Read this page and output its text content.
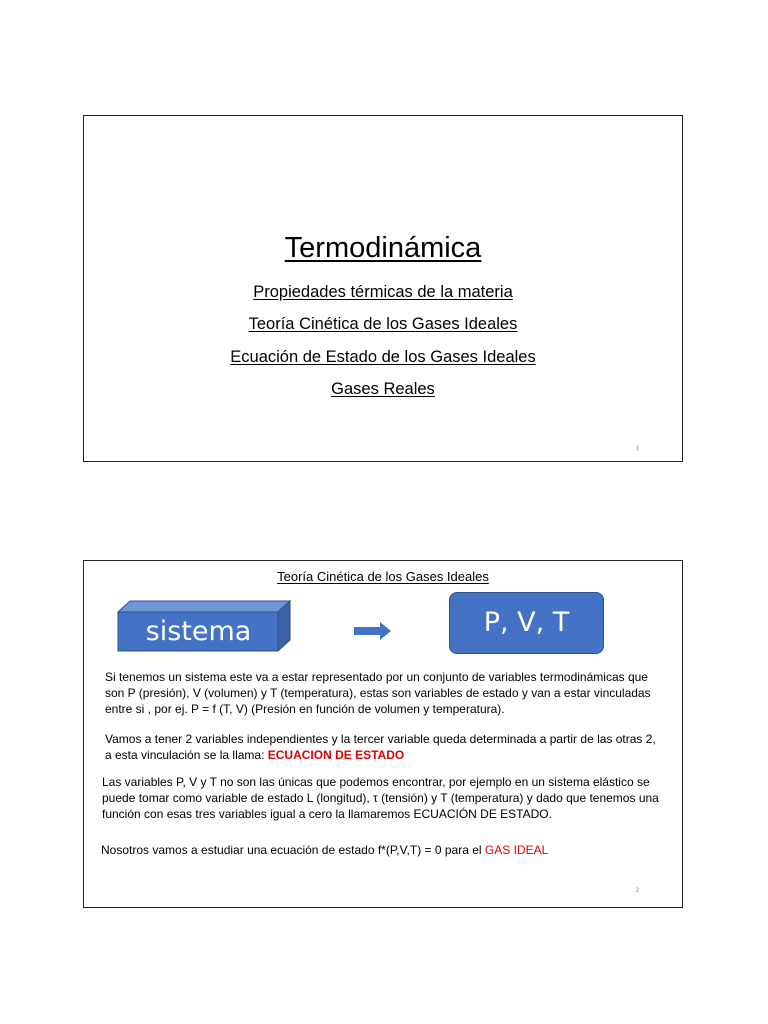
Termodinámica
Propiedades térmicas de la materia
Teoría Cinética de los Gases Ideales
Ecuación de Estado de los Gases Ideales
Gases Reales
1
Teoría Cinética de los Gases Ideales
sistema	P, V, T

Si tenemos un sistema este va a estar representado por un conjunto de variables termodinámicas que son P (presión), V (volumen) y T (temperatura), estas son variables de estado y van a estar vinculadas entre si , por ej. P = f (T, V) (Presión en función de volumen y temperatura).

Vamos a tener 2 variables independientes y la tercer variable queda determinada a partir de las otras 2, a esta vinculación se la llama: ECUACION DE ESTADO

Las variables P, V y T no son las únicas que podemos encontrar, por ejemplo en un sistema elástico se puede tomar como variable de estado L (longitud), τ (tensión) y T (temperatura) y dado que tenemos una función con esas tres variables igual a cero la llamaremos ECUACIÓN DE ESTADO.

Nosotros vamos a estudiar una ecuación de estado f*(P,V,T) = 0 para el GAS IDEAL

2
